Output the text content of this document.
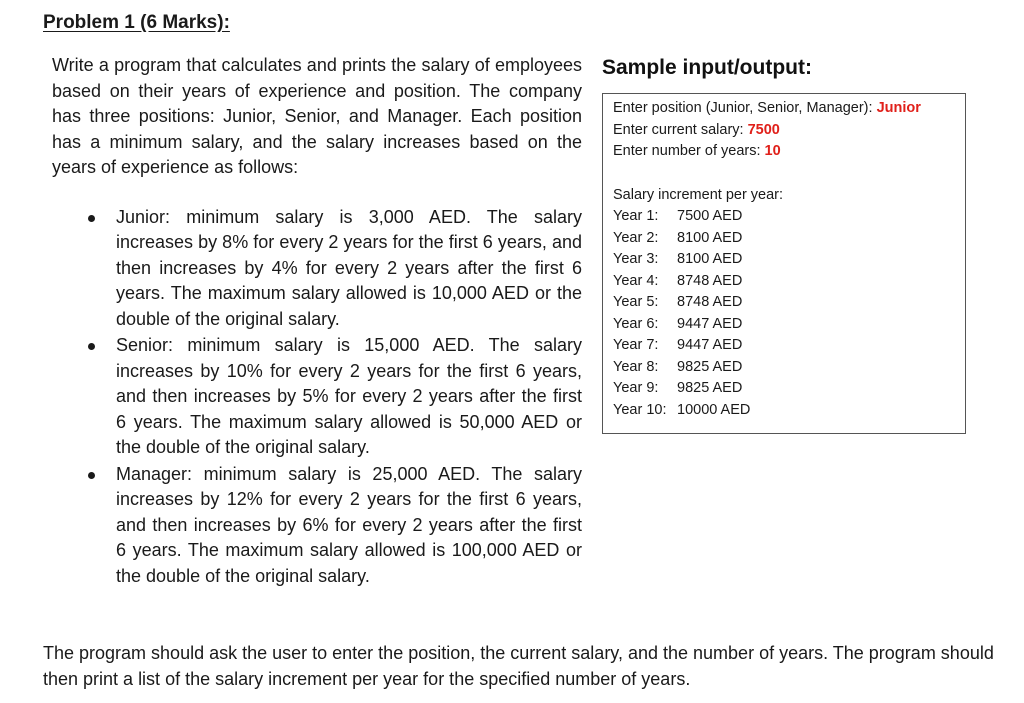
Problem 1 (6 Marks):

Write a program that calculates and prints the salary of employees based on their years of experience and position. The company has three positions: Junior, Senior, and Manager. Each position has a minimum salary, and the salary increases based on the years of experience as follows:

Junior: minimum salary is 3,000 AED. The salary increases by 8% for every 2 years for the first 6 years, and then increases by 4% for every 2 years after the first 6 years. The maximum salary allowed is 10,000 AED or the double of the original salary.
Senior: minimum salary is 15,000 AED. The salary increases by 10% for every 2 years for the first 6 years, and then increases by 5% for every 2 years after the first 6 years. The maximum salary allowed is 50,000 AED or the double of the original salary.
Manager: minimum salary is 25,000 AED. The salary increases by 12% for every 2 years for the first 6 years, and then increases by 6% for every 2 years after the first 6 years. The maximum salary allowed is 100,000 AED or the double of the original salary.
Sample input/output:
Enter position (Junior, Senior, Manager): Junior
Enter current salary: 7500
Enter number of years: 10
Salary increment per year:
Year 1: 7500 AED
Year 2: 8100 AED
Year 3: 8100 AED
Year 4: 8748 AED
Year 5: 8748 AED
Year 6: 9447 AED
Year 7: 9447 AED
Year 8: 9825 AED
Year 9: 9825 AED
Year 10: 10000 AED

The program should ask the user to enter the position, the current salary, and the number of years. The program should then print a list of the salary increment per year for the specified number of years.
